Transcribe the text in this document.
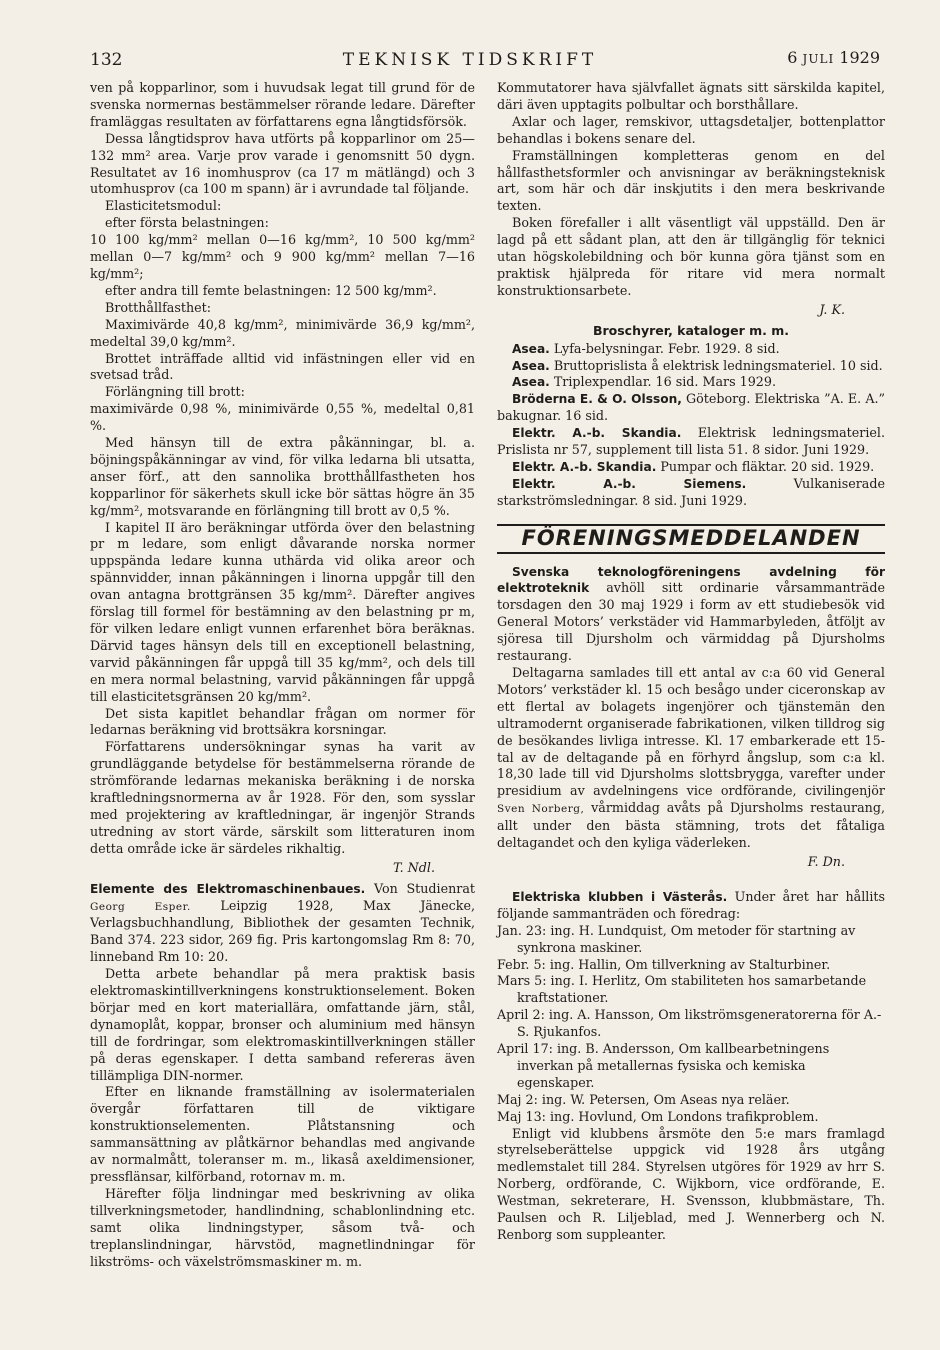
132	TEKNISK TIDSKRIFT	6 JULI 1929

ven på kopparlinor, som i huvudsak legat till grund för de svenska normernas bestämmelser rörande ledare. Därefter framläggas resultaten av författarens egna långtidsförsök.

Dessa långtidsprov hava utförts på kopparlinor om 25—132 mm² area. Varje prov varade i genomsnitt 50 dygn. Resultatet av 16 inomhusprov (ca 17 m mätlängd) och 3 utomhusprov (ca 100 m spann) är i avrundade tal följande.

Elasticitetsmodul:

efter första belastningen:

10 100 kg/mm² mellan 0—16 kg/mm², 10 500 kg/mm² mellan 0—7 kg/mm² och 9 900 kg/mm² mellan 7—16 kg/mm²;

efter andra till femte belastningen: 12 500 kg/mm².

Brotthållfasthet:

Maximivärde 40,8 kg/mm², minimivärde 36,9 kg/mm², medeltal 39,0 kg/mm².

Brottet inträffade alltid vid infästningen eller vid en svetsad tråd.

Förlängning till brott:

maximivärde 0,98 %, minimivärde 0,55 %, medeltal 0,81 %.

Med hänsyn till de extra påkänningar, bl. a. böjningspåkänningar av vind, för vilka ledarna bli utsatta, anser förf., att den sannolika brotthållfastheten hos kopparlinor för säkerhets skull icke bör sättas högre än 35 kg/mm², motsvarande en förlängning till brott av 0,5 %.

I kapitel II äro beräkningar utförda över den belastning pr m ledare, som enligt dåvarande norska normer uppspända ledare kunna uthärda vid olika areor och spännvidder, innan påkänningen i linorna uppgår till den ovan antagna brottgränsen 35 kg/mm². Därefter angives förslag till formel för bestämning av den belastning pr m, för vilken ledare enligt vunnen erfarenhet böra beräknas. Därvid tages hänsyn dels till en exceptionell belastning, varvid påkänningen får uppgå till 35 kg/mm², och dels till en mera normal belastning, varvid påkänningen får uppgå till elasticitetsgränsen 20 kg/mm².

Det sista kapitlet behandlar frågan om normer för ledarnas beräkning vid brottsäkra korsningar.

Författarens undersökningar synas ha varit av grundläggande betydelse för bestämmelserna rörande de strömförande ledarnas mekaniska beräkning i de norska kraftledningsnormerna av år 1928. För den, som sysslar med projektering av kraftledningar, är ingenjör Strands utredning av stort värde, särskilt som litteraturen inom detta område icke är särdeles rikhaltig.

T. Ndl.

Elemente des Elektromaschinenbaues. Von Studienrat Georg Esper. Leipzig 1928, Max Jänecke, Verlagsbuchhandlung, Bibliothek der gesamten Technik, Band 374. 223 sidor, 269 fig. Pris kartongomslag Rm 8: 70, linneband Rm 10: 20.

Detta arbete behandlar på mera praktisk basis elektromaskintillverkningens konstruktionselement. Boken börjar med en kort materiallära, omfattande järn, stål, dynamoplåt, koppar, bronser och aluminium med hänsyn till de fordringar, som elektromaskintillverkningen ställer på deras egenskaper. I detta samband refereras även tillämpliga DIN-normer.

Efter en liknande framställning av isolermaterialen övergår författaren till de viktigare konstruktionselementen. Plåtstansning och sammansättning av plåtkärnor behandlas med angivande av normalmått, toleranser m. m., likaså axeldimensioner, pressflänsar, kilförband, rotornav m. m.

Härefter följa lindningar med beskrivning av olika tillverkningsmetoder, handlindning, schablonlindning etc. samt olika lindningstyper, såsom två- och treplanslindningar, härvstöd, magnetlindningar för likströms- och växelströmsmaskiner m. m.

Kommutatorer hava självfallet ägnats sitt särskilda kapitel, däri även upptagits polbultar och borsthållare.

Axlar och lager, remskivor, uttagsdetaljer, bottenplattor behandlas i bokens senare del.

Framställningen kompletteras genom en del hållfasthetsformler och anvisningar av beräkningsteknisk art, som här och där inskjutits i den mera beskrivande texten.

Boken förefaller i allt väsentligt väl uppställd. Den är lagd på ett sådant plan, att den är tillgänglig för teknici utan högskolebildning och bör kunna göra tjänst som en praktisk hjälpreda för ritare vid mera normalt konstruktionsarbete.

J. K.

Broschyrer, kataloger m. m.

Asea. Lyfa-belysningar. Febr. 1929. 8 sid.

Asea. Bruttoprislista å elektrisk ledningsmateriel. 10 sid.

Asea. Triplexpendlar. 16 sid. Mars 1929.

Bröderna E. & O. Olsson, Göteborg. Elektriska ”A. E. A.” bakugnar. 16 sid.

Elektr. A.-b. Skandia. Elektrisk ledningsmateriel. Prislista nr 57, supplement till lista 51. 8 sidor. Juni 1929.

Elektr. A.-b. Skandia. Pumpar och fläktar. 20 sid. 1929.

Elektr. A.-b. Siemens. Vulkaniserade starkströmsledningar. 8 sid. Juni 1929.

FÖRENINGSMEDDELANDEN

Svenska teknologföreningens avdelning för elektroteknik avhöll sitt ordinarie vårsammanträde torsdagen den 30 maj 1929 i form av ett studiebesök vid General Motors’ verkstäder vid Hammarbyleden, åtföljt av sjöresa till Djursholm och värmiddag på Djursholms restaurang.

Deltagarna samlades till ett antal av c:a 60 vid General Motors’ verkstäder kl. 15 och besågo under ciceronskap av ett flertal av bolagets ingenjörer och tjänstemän den ultramodernt organiserade fabrikationen, vilken tilldrog sig de besökandes livliga intresse. Kl. 17 embarkerade ett 15-tal av de deltagande på en förhyrd ångslup, som c:a kl. 18,30 lade till vid Djursholms slottsbrygga, varefter under presidium av avdelningens vice ordförande, civilingenjör Sven Norberg, vårmiddag avåts på Djursholms restaurang, allt under den bästa stämning, trots det fåtaliga deltagandet och den kyliga väderleken.

F. Dn.

Elektriska klubben i Västerås. Under året har hållits följande sammanträden och föredrag:

Jan. 23: ing. H. Lundquist, Om metoder för startning av synkrona maskiner.
Febr. 5: ing. Hallin, Om tillverkning av Stalturbiner.
Mars 5: ing. I. Herlitz, Om stabiliteten hos samarbetande kraftstationer.
April 2: ing. A. Hansson, Om likströmsgeneratorerna för A.-S. Rjukanfos.
April 17: ing. B. Andersson, Om kallbearbetningens inverkan på metallernas fysiska och kemiska egenskaper.
Maj 2: ing. W. Petersen, Om Aseas nya reläer.
Maj 13: ing. Hovlund, Om Londons trafikproblem.

Enligt vid klubbens årsmöte den 5:e mars framlagd styrelseberättelse uppgick vid 1928 års utgång medlemstalet till 284. Styrelsen utgöres för 1929 av hrr S. Norberg, ordförande, C. Wijkborn, vice ordförande, E. Westman, sekreterare, H. Svensson, klubbmästare, Th. Paulsen och R. Liljeblad, med J. Wennerberg och N. Renborg som suppleanter.
